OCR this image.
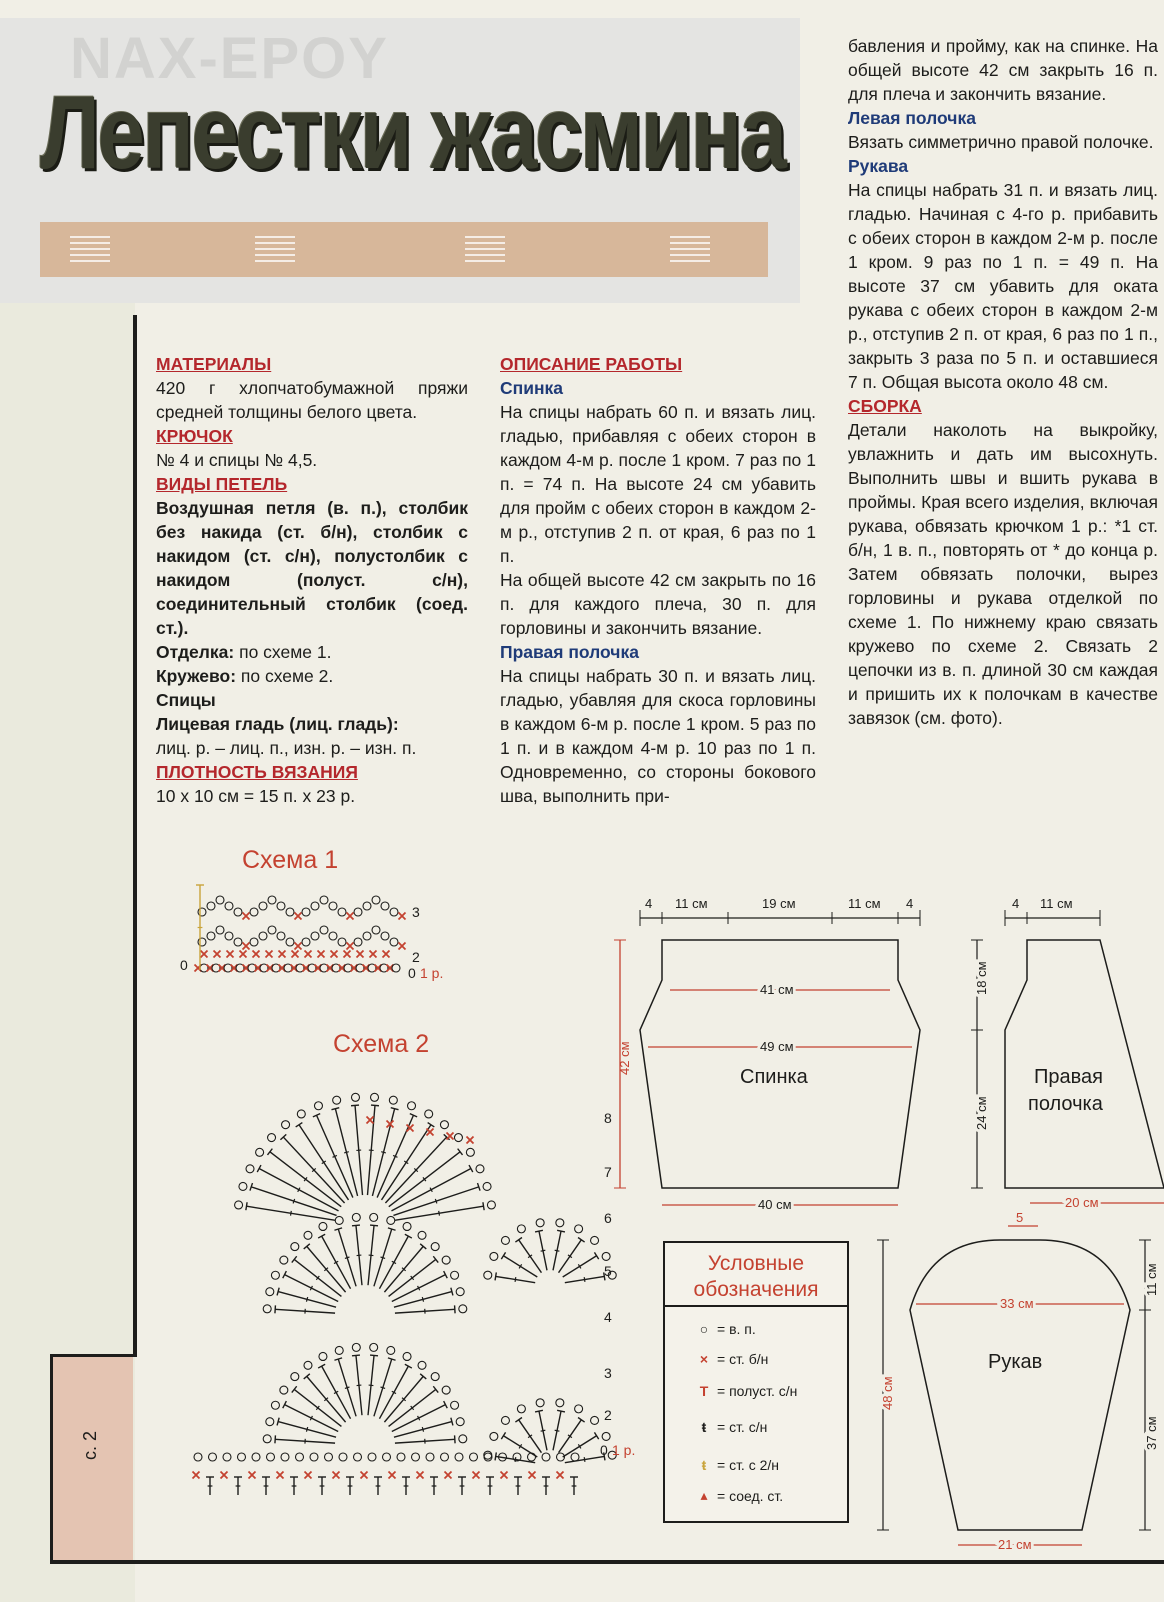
NAX-EPOY
Лепестки жасмина
с. 2
МАТЕРИАЛЫ

420 г хлопчатобумажной пряжи средней толщины белого цвета.

КРЮЧОК

№ 4 и спицы № 4,5.

ВИДЫ ПЕТЕЛЬ

Воздушная петля (в. п.), столбик без накида (ст. б/н), столбик с накидом (ст. с/н), полустолбик с накидом (полуст. с/н), соединительный столбик (соед. ст.).

Отделка: по схеме 1.

Кружево: по схеме 2.

Спицы

Лицевая гладь (лиц. гладь):

лиц. р. – лиц. п., изн. р. – изн. п.

ПЛОТНОСТЬ ВЯЗАНИЯ

10 x 10 см = 15 п. x 23 р.

ОПИСАНИЕ РАБОТЫ
Спинка

На спицы набрать 60 п. и вязать лиц. гладью, прибавляя с обеих сторон в каждом 4-м р. после 1 кром. 7 раз по 1 п. = 74 п. На высоте 24 см убавить для пройм с обеих сторон в каждом 2-м р., отступив 2 п. от края, 6 раз по 1 п.

На общей высоте 42 см закрыть по 16 п. для каждого плеча, 30 п. для горловины и закончить вязание.

Правая полочка

На спицы набрать 30 п. и вязать лиц. гладью, убавляя для скоса горловины в каждом 6-м р. после 1 кром. 5 раз по 1 п. и в каждом 4-м р. 10 раз по 1 п. Одновременно, со стороны бокового шва, выполнить при-

бавления и пройму, как на спинке. На общей высоте 42 см закрыть 16 п. для плеча и закончить вязание.

Левая полочка

Вязать симметрично правой полочке.

Рукава

На спицы набрать 31 п. и вязать лиц. гладью. Начиная с 4-го р. прибавить с обеих сторон в каждом 2-м р. после 1 кром. 9 раз по 1 п. = 49 п. На высоте 37 см убавить для оката рукава с обеих сторон в каждом 2-м р., отступив 2 п. от края, 6 раз по 1 п., закрыть 3 раза по 5 п. и оставшиеся 7 п. Общая высота около 48 см.

СБОРКА

Детали наколоть на выкройку, увлажнить и дать им высохнуть. Выполнить швы и вшить рукава в проймы. Края всего изделия, включая рукава, обвязать крючком 1 р.: *1 ст. б/н, 1 в. п., повторять от * до конца р. Затем обвязать полочки, вырез горловины и рукава отделкой по схеме 1. По нижнему краю связать кружево по схеме 2. Связать 2 цепочки из в. п. длиной 30 см каждая и пришить их к полочкам в качестве завязок (см. фото).

Схема 1
3
2
0	0 1 р.
Схема 2
0 1 р.
2
3
4
5
6
7
8
4 11 см	19 см	11 см 4
41 см
49 см
Спинка
40 см
42 см
4 11 см
18 см
24 см
Правая
полочка
20 см
5
33 см
Рукав
48 см
11 см
37 см
21 см
Условные обозначения
○ = в. п.
× = ст. б/н
T = полуст. с/н
ŧ = ст. с/н
ŧ = ст. с 2/н
▴ = соед. ст.
